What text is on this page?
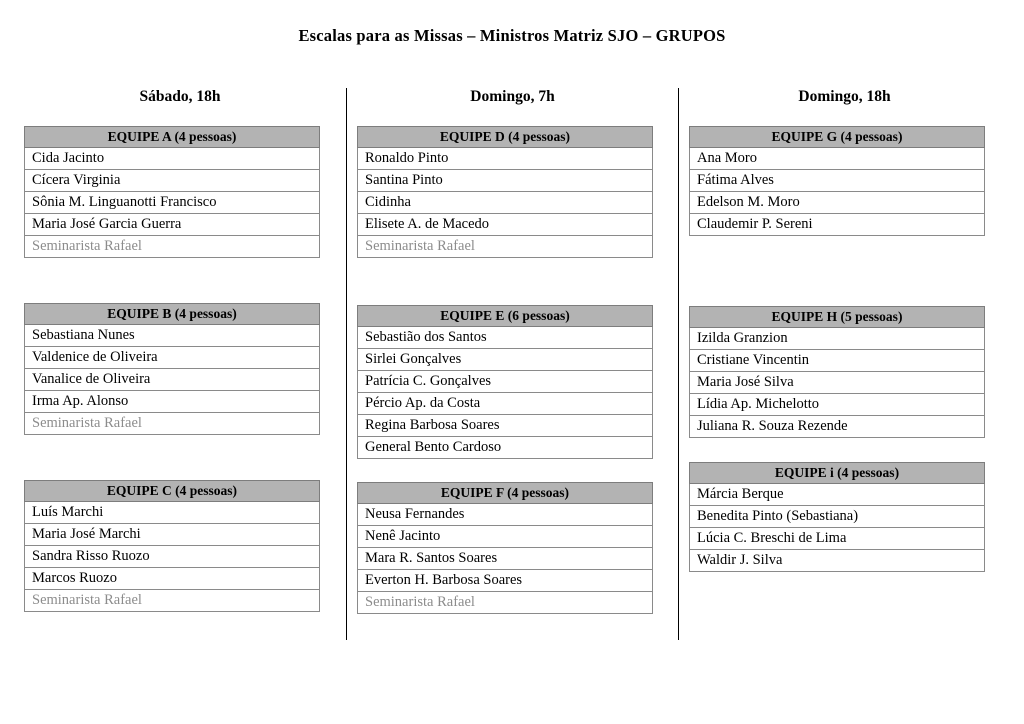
Escalas para as Missas – Ministros Matriz SJO – GRUPOS
Sábado, 18h
EQUIPE A (4 pessoas)
Cida Jacinto
Cícera Virginia
Sônia M. Linguanotti Francisco
Maria José Garcia Guerra
Seminarista Rafael
EQUIPE B (4 pessoas)
Sebastiana Nunes
Valdenice de Oliveira
Vanalice de Oliveira
Irma Ap. Alonso
Seminarista Rafael
EQUIPE C (4 pessoas)
Luís Marchi
Maria José Marchi
Sandra Risso Ruozo
Marcos Ruozo
Seminarista Rafael
Domingo, 7h
EQUIPE D (4 pessoas)
Ronaldo Pinto
Santina Pinto
Cidinha
Elisete A. de Macedo
Seminarista Rafael
EQUIPE E (6 pessoas)
Sebastião dos Santos
Sirlei Gonçalves
Patrícia C. Gonçalves
Pércio Ap. da Costa
Regina Barbosa Soares
General Bento Cardoso
EQUIPE F (4 pessoas)
Neusa Fernandes
Nenê Jacinto
Mara R. Santos Soares
Everton H. Barbosa Soares
Seminarista Rafael
Domingo, 18h
EQUIPE G (4 pessoas)
Ana Moro
Fátima Alves
Edelson M. Moro
Claudemir P. Sereni
EQUIPE H (5 pessoas)
Izilda Granzion
Cristiane Vincentin
Maria José Silva
Lídia Ap. Michelotto
Juliana R. Souza Rezende
EQUIPE i (4 pessoas)
Márcia Berque
Benedita Pinto (Sebastiana)
Lúcia C. Breschi de Lima
Waldir J. Silva
